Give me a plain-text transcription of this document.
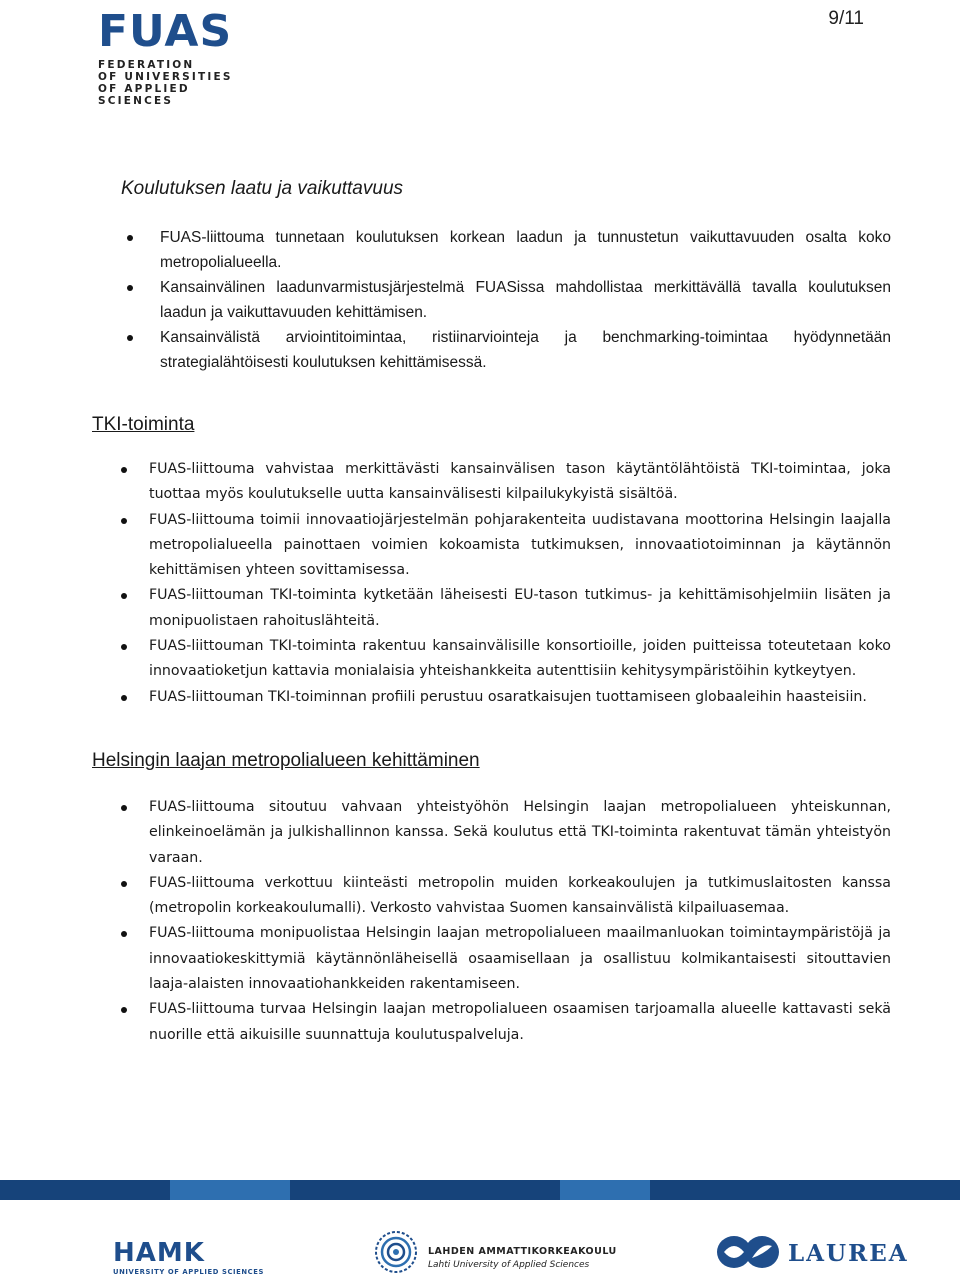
FUAS
FEDERATION
OF UNIVERSITIES
OF APPLIED SCIENCES
9/11
Koulutuksen laatu ja vaikuttavuus
FUAS-liittouma tunnetaan koulutuksen korkean laadun ja tunnustetun vaikuttavuuden osalta koko metropolialueella.
Kansainvälinen laadunvarmistusjärjestelmä FUASissa mahdollistaa merkittävällä tavalla koulutuksen laadun ja vaikuttavuuden kehittämisen.
Kansainvälistä arviointitoimintaa, ristiinarviointeja ja benchmarking-toimintaa hyödynnetään strategialähtöisesti koulutuksen kehittämisessä.
TKI-toiminta
FUAS-liittouma vahvistaa merkittävästi kansainvälisen tason käytäntölähtöistä TKI-toimintaa, joka tuottaa myös koulutukselle uutta kansainvälisesti kilpailukykyistä sisältöä.
FUAS-liittouma toimii innovaatiojärjestelmän pohjarakenteita uudistavana moottorina Helsingin laajalla metropolialueella painottaen voimien kokoamista tutkimuksen, innovaatiotoiminnan ja käytännön kehittämisen yhteen sovittamisessa.
FUAS-liittouman TKI-toiminta kytketään läheisesti EU-tason tutkimus- ja kehittämisohjelmiin lisäten ja monipuolistaen rahoituslähteitä.
FUAS-liittouman TKI-toiminta rakentuu kansainvälisille konsortioille, joiden puitteissa toteutetaan koko innovaatioketjun kattavia monialaisia yhteishankkeita autenttisiin kehitysympäristöihin kytkeytyen.
FUAS-liittouman TKI-toiminnan profiili perustuu osaratkaisujen tuottamiseen globaaleihin haasteisiin.
Helsingin laajan metropolialueen kehittäminen
FUAS-liittouma sitoutuu vahvaan yhteistyöhön Helsingin laajan metropolialueen yhteiskunnan, elinkeinoelämän ja julkishallinnon kanssa. Sekä koulutus että TKI-toiminta rakentuvat tämän yhteistyön varaan.
FUAS-liittouma verkottuu kiinteästi metropolin muiden korkeakoulujen ja tutkimuslaitosten kanssa (metropolin korkeakoulumalli). Verkosto vahvistaa Suomen kansainvälistä kilpailuasemaa.
FUAS-liittouma monipuolistaa Helsingin laajan metropolialueen maailmanluokan toimintaympäristöjä ja innovaatiokeskittymiä käytännönläheisellä osaamisellaan ja osallistuu kolmikantaisesti sitouttavien laaja-alaisten innovaatiohankkeiden rakentamiseen.
FUAS-liittouma turvaa Helsingin laajan metropolialueen osaamisen tarjoamalla alueelle kattavasti sekä nuorille että aikuisille suunnattuja koulutuspalveluja.
HAMK
UNIVERSITY OF APPLIED SCIENCES
LAHDEN AMMATTIKORKEAKOULU
Lahti University of Applied Sciences	LAUREA
